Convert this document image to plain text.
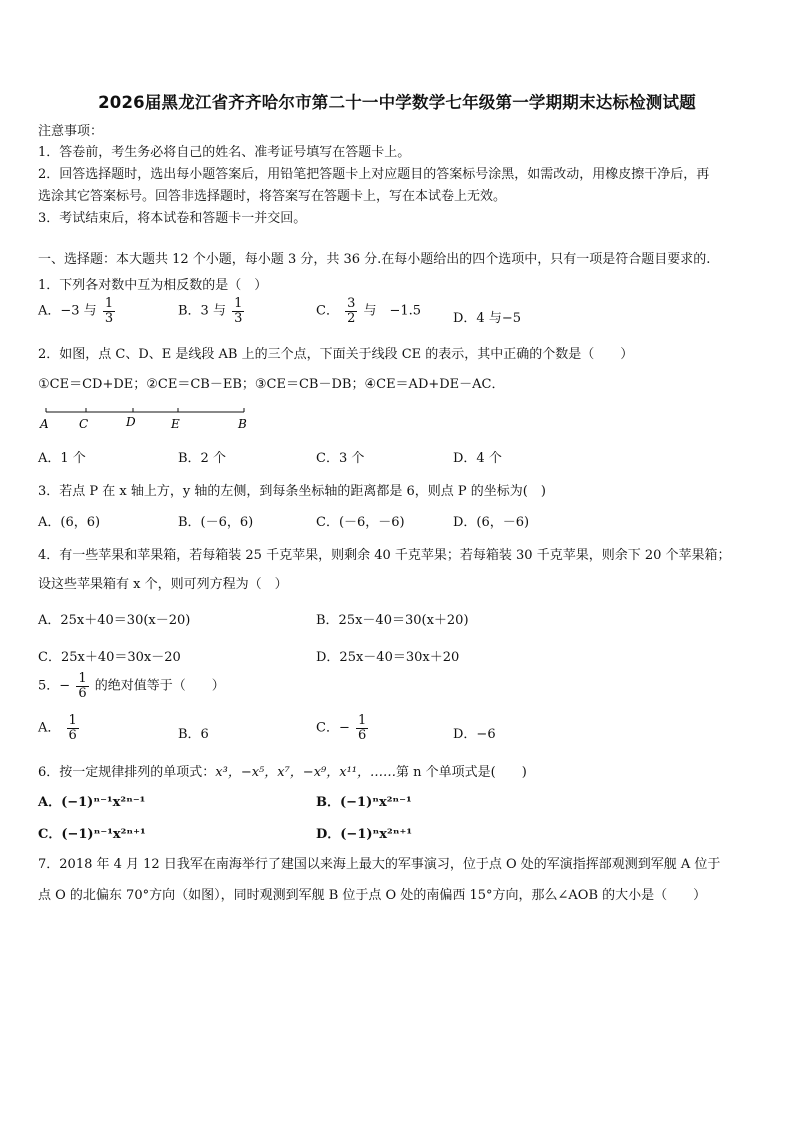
2026届黑龙江省齐齐哈尔市第二十一中学数学七年级第一学期期末达标检测试题
注意事项：
1．答卷前，考生务必将自己的姓名、准考证号填写在答题卡上。
2．回答选择题时，选出每小题答案后，用铅笔把答题卡上对应题目的答案标号涂黑，如需改动，用橡皮擦干净后，再
选涂其它答案标号。回答非选择题时，将答案写在答题卡上，写在本试卷上无效。
3．考试结束后，将本试卷和答题卡一并交回。
一、选择题：本大题共 12 个小题，每小题 3 分，共 36 分.在每小题给出的四个选项中，只有一项是符合题目要求的.
1．下列各对数中互为相反数的是（　）
A．−3 与 $\frac{1}{3}$	B．3 与 $\frac{1}{3}$	C． $\frac{3}{2}$ 与　−1.5 D．4 与−5
2．如图，点 C、D、E 是线段 AB 上的三个点，下面关于线段 CE 的表示，其中正确的个数是（　　）
①CE＝CD+DE；②CE＝CB－EB；③CE＝CB－DB；④CE＝AD+DE－AC．
A	C	D	E	B
A．1 个	B．2 个	C．3 个	D．4 个
3．若点 P 在 x 轴上方，y 轴的左侧，到每条坐标轴的距离都是 6，则点 P 的坐标为(　)
A．(6，6)	B．(－6，6)	C．(－6，－6)	D．(6，－6)
4．有一些苹果和苹果箱，若每箱装 25 千克苹果，则剩余 40 千克苹果；若每箱装 30 千克苹果，则余下 20 个苹果箱；
设这些苹果箱有 x 个，则可列方程为（　）
A．25x＋40＝30(x－20)	B．25x－40＝30(x＋20)
C．25x＋40＝30x－20	D．25x－40＝30x＋20
5．− $\frac{1}{6}$ 的绝对值等于（　　）
A． $\frac{1}{6}$	B．6	C．− $\frac{1}{6}$	D．−6
6．按一定规律排列的单项式：x³，−x⁵，x⁷，−x⁹，x¹¹，……第 n 个单项式是(　　)
A．(−1)ⁿ⁻¹x²ⁿ⁻¹	B．(−1)ⁿx²ⁿ⁻¹
C．(−1)ⁿ⁻¹x²ⁿ⁺¹	D．(−1)ⁿx²ⁿ⁺¹
7．2018 年 4 月 12 日我军在南海举行了建国以来海上最大的军事演习，位于点 O 处的军演指挥部观测到军舰 A 位于
点 O 的北偏东 70°方向（如图），同时观测到军舰 B 位于点 O 处的南偏西 15°方向，那么∠AOB 的大小是（　　）
